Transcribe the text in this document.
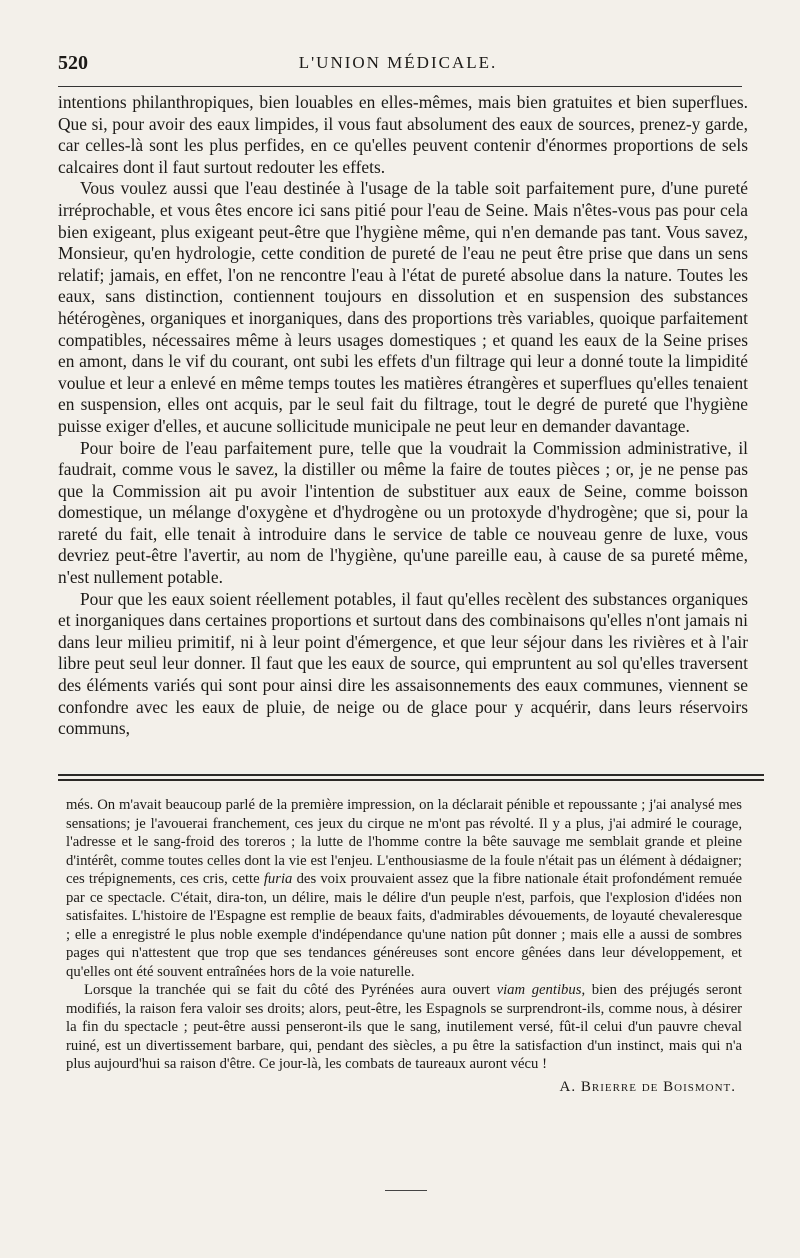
520	L'UNION MÉDICALE.

intentions philanthropiques, bien louables en elles-mêmes, mais bien gratuites et bien superflues. Que si, pour avoir des eaux limpides, il vous faut absolument des eaux de sources, prenez-y garde, car celles-là sont les plus perfides, en ce qu'elles peuvent contenir d'énormes proportions de sels calcaires dont il faut surtout redouter les effets.

Vous voulez aussi que l'eau destinée à l'usage de la table soit parfaitement pure, d'une pureté irréprochable, et vous êtes encore ici sans pitié pour l'eau de Seine. Mais n'êtes-vous pas pour cela bien exigeant, plus exigeant peut-être que l'hygiène même, qui n'en demande pas tant. Vous savez, Monsieur, qu'en hydrologie, cette condition de pureté de l'eau ne peut être prise que dans un sens relatif; jamais, en effet, l'on ne rencontre l'eau à l'état de pureté absolue dans la nature. Toutes les eaux, sans distinction, contiennent toujours en dissolution et en suspension des substances hétérogènes, organiques et inorganiques, dans des proportions très variables, quoique parfaitement compatibles, nécessaires même à leurs usages domestiques ; et quand les eaux de la Seine prises en amont, dans le vif du courant, ont subi les effets d'un filtrage qui leur a donné toute la limpidité voulue et leur a enlevé en même temps toutes les matières étrangères et superflues qu'elles tenaient en suspension, elles ont acquis, par le seul fait du filtrage, tout le degré de pureté que l'hygiène puisse exiger d'elles, et aucune sollicitude municipale ne peut leur en demander davantage.

Pour boire de l'eau parfaitement pure, telle que la voudrait la Commission administrative, il faudrait, comme vous le savez, la distiller ou même la faire de toutes pièces ; or, je ne pense pas que la Commission ait pu avoir l'intention de substituer aux eaux de Seine, comme boisson domestique, un mélange d'oxygène et d'hydrogène ou un protoxyde d'hydrogène; que si, pour la rareté du fait, elle tenait à introduire dans le service de table ce nouveau genre de luxe, vous devriez peut-être l'avertir, au nom de l'hygiène, qu'une pareille eau, à cause de sa pureté même, n'est nullement potable.

Pour que les eaux soient réellement potables, il faut qu'elles recèlent des substances organiques et inorganiques dans certaines proportions et surtout dans des combinaisons qu'elles n'ont jamais ni dans leur milieu primitif, ni à leur point d'émergence, et que leur séjour dans les rivières et à l'air libre peut seul leur donner. Il faut que les eaux de source, qui empruntent au sol qu'elles traversent des éléments variés qui sont pour ainsi dire les assaisonnements des eaux communes, viennent se confondre avec les eaux de pluie, de neige ou de glace pour y acquérir, dans leurs réservoirs communs,

més. On m'avait beaucoup parlé de la première impression, on la déclarait pénible et repoussante ; j'ai analysé mes sensations; je l'avouerai franchement, ces jeux du cirque ne m'ont pas révolté. Il y a plus, j'ai admiré le courage, l'adresse et le sang-froid des toreros ; la lutte de l'homme contre la bête sauvage me semblait grande et pleine d'intérêt, comme toutes celles dont la vie est l'enjeu. L'enthousiasme de la foule n'était pas un élément à dédaigner; ces trépignements, ces cris, cette furia des voix prouvaient assez que la fibre nationale était profondément remuée par ce spectacle. C'était, dira-ton, un délire, mais le délire d'un peuple n'est, parfois, que l'explosion d'idées non satisfaites. L'histoire de l'Espagne est remplie de beaux faits, d'admirables dévouements, de loyauté chevaleresque ; elle a enregistré le plus noble exemple d'indépendance qu'une nation pût donner ; mais elle a aussi de sombres pages qui n'attestent que trop que ses tendances généreuses sont encore gênées dans leur développement, et qu'elles ont été souvent entraînées hors de la voie naturelle.

Lorsque la tranchée qui se fait du côté des Pyrénées aura ouvert viam gentibus, bien des préjugés seront modifiés, la raison fera valoir ses droits; alors, peut-être, les Espagnols se surprendront-ils, comme nous, à désirer la fin du spectacle ; peut-être aussi penseront-ils que le sang, inutilement versé, fût-il celui d'un pauvre cheval ruiné, est un divertissement barbare, qui, pendant des siècles, a pu être la satisfaction d'un instinct, mais qui n'a plus aujourd'hui sa raison d'être. Ce jour-là, les combats de taureaux auront vécu !

A. Brierre de Boismont.
